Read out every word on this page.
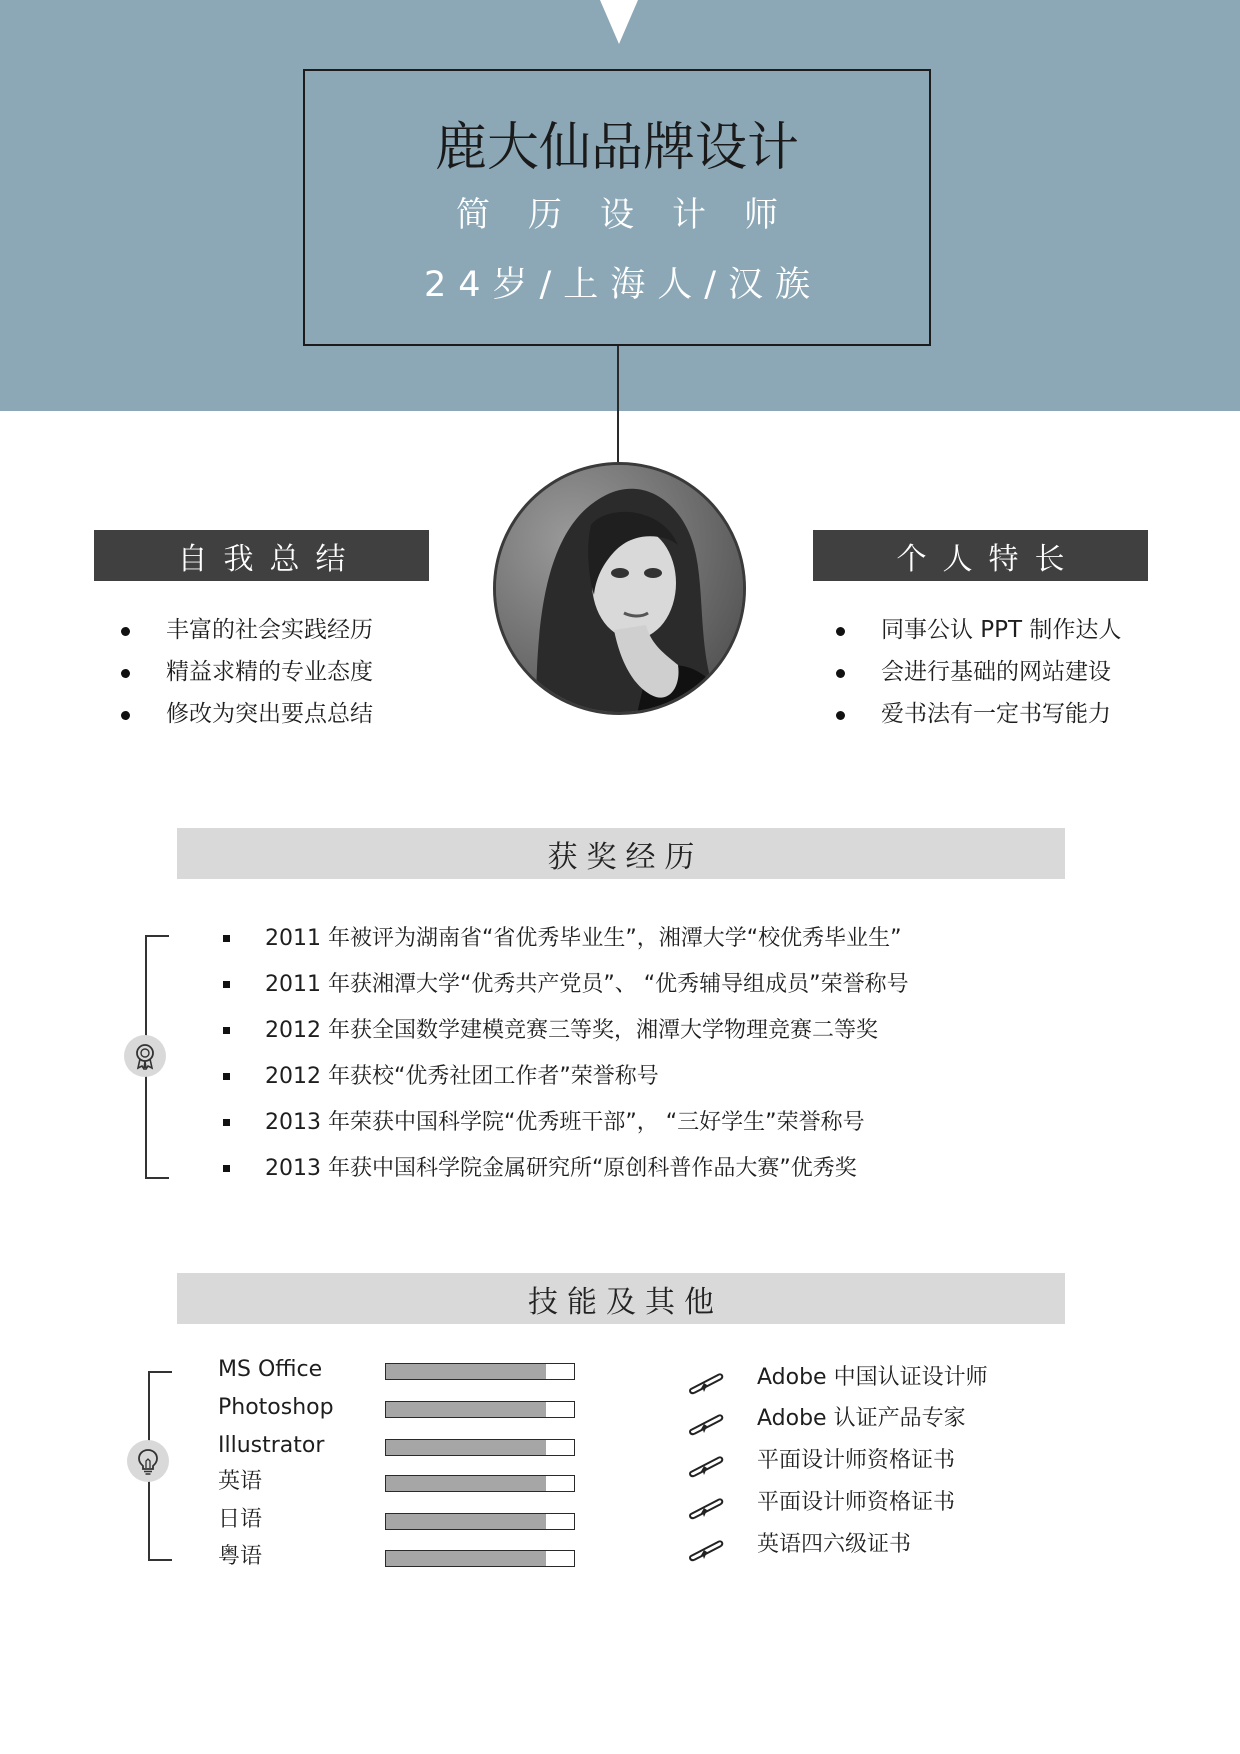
鹿大仙品牌设计
简历设计师
24岁/上海人/汉族
自我总结
丰富的社会实践经历
精益求精的专业态度
修改为突出要点总结
个人特长
同事公认 PPT 制作达人
会进行基础的网站建设
爱书法有一定书写能力
获奖经历
2011 年被评为湖南省“省优秀毕业生”，湘潭大学“校优秀毕业生”
2011 年获湘潭大学“优秀共产党员”、 “优秀辅导组成员”荣誉称号
2012 年获全国数学建模竞赛三等奖，湘潭大学物理竞赛二等奖
2012 年获校“优秀社团工作者”荣誉称号
2013 年荣获中国科学院“优秀班干部”， “三好学生”荣誉称号
2013 年获中国科学院金属研究所“原创科普作品大赛”优秀奖
技能及其他
MS Office
Photoshop
Illustrator
英语
日语
粤语
Adobe 中国认证设计师
Adobe 认证产品专家
平面设计师资格证书
平面设计师资格证书
英语四六级证书
